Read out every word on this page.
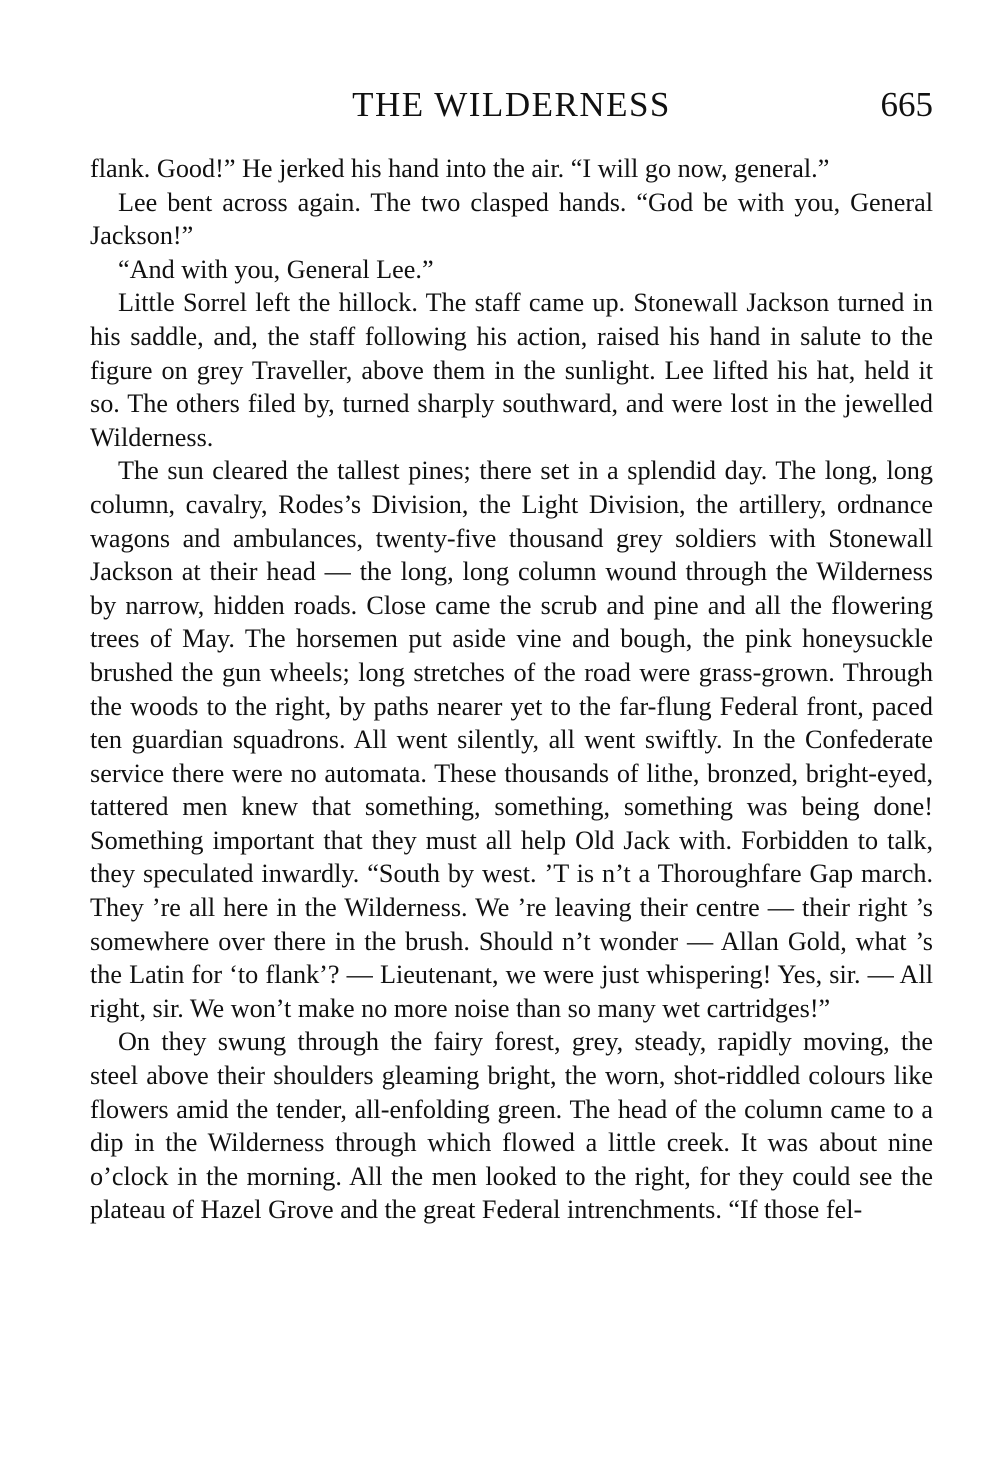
THE WILDERNESS	665

flank. Good!” He jerked his hand into the air. “I will go now, general.”

Lee bent across again. The two clasped hands. “God be with you, General Jackson!”

“And with you, General Lee.”

Little Sorrel left the hillock. The staff came up. Stonewall Jackson turned in his saddle, and, the staff following his action, raised his hand in salute to the figure on grey Traveller, above them in the sunlight. Lee lifted his hat, held it so. The others filed by, turned sharply southward, and were lost in the jewelled Wilderness.

The sun cleared the tallest pines; there set in a splendid day. The long, long column, cavalry, Rodes’s Division, the Light Division, the artillery, ordnance wagons and ambulances, twenty-five thousand grey soldiers with Stonewall Jackson at their head — the long, long column wound through the Wilderness by narrow, hidden roads. Close came the scrub and pine and all the flowering trees of May. The horsemen put aside vine and bough, the pink honeysuckle brushed the gun wheels; long stretches of the road were grass-grown. Through the woods to the right, by paths nearer yet to the far-flung Federal front, paced ten guardian squadrons. All went silently, all went swiftly. In the Confederate service there were no automata. These thousands of lithe, bronzed, bright-eyed, tattered men knew that something, something, something was being done! Something important that they must all help Old Jack with. Forbidden to talk, they speculated inwardly. “South by west. ’T is n’t a Thoroughfare Gap march. They ’re all here in the Wilderness. We ’re leaving their centre — their right ’s somewhere over there in the brush. Should n’t wonder — Allan Gold, what ’s the Latin for ‘to flank’? — Lieutenant, we were just whispering! Yes, sir. — All right, sir. We won’t make no more noise than so many wet cartridges!”

On they swung through the fairy forest, grey, steady, rapidly moving, the steel above their shoulders gleaming bright, the worn, shot-riddled colours like flowers amid the tender, all-enfolding green. The head of the column came to a dip in the Wilderness through which flowed a little creek. It was about nine o’clock in the morning. All the men looked to the right, for they could see the plateau of Hazel Grove and the great Federal intrenchments. “If those fel-
